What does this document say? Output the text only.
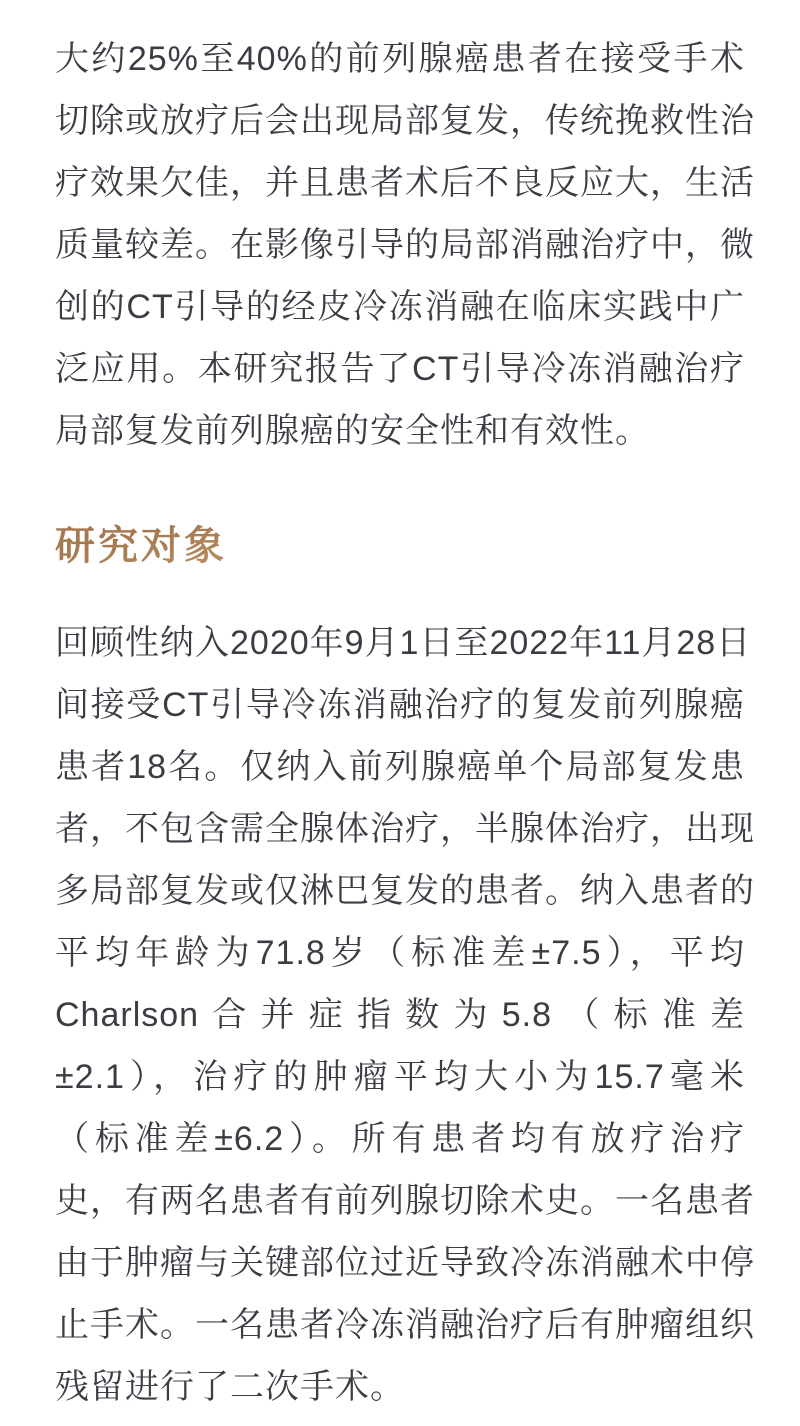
大约25%至40%的前列腺癌患者在接受手术
切除或放疗后会出现局部复发，传统挽救性治
疗效果欠佳，并且患者术后不良反应大，生活
质量较差。在影像引导的局部消融治疗中，微
创的CT引导的经皮冷冻消融在临床实践中广
泛应用。本研究报告了CT引导冷冻消融治疗
局部复发前列腺癌的安全性和有效性。
研究对象
回顾性纳入2020年9月1日至2022年11月28日
间接受CT引导冷冻消融治疗的复发前列腺癌
患者18名。仅纳入前列腺癌单个局部复发患
者，不包含需全腺体治疗，半腺体治疗，出现
多局部复发或仅淋巴复发的患者。纳入患者的
平均年龄为71.8岁（标准差±7.5），平均
Charlson合并症指数为5.8（标准差
±2.1），治疗的肿瘤平均大小为15.7毫米
（标准差±6.2）。所有患者均有放疗治疗
史，有两名患者有前列腺切除术史。一名患者
由于肿瘤与关键部位过近导致冷冻消融术中停
止手术。一名患者冷冻消融治疗后有肿瘤组织
残留进行了二次手术。
